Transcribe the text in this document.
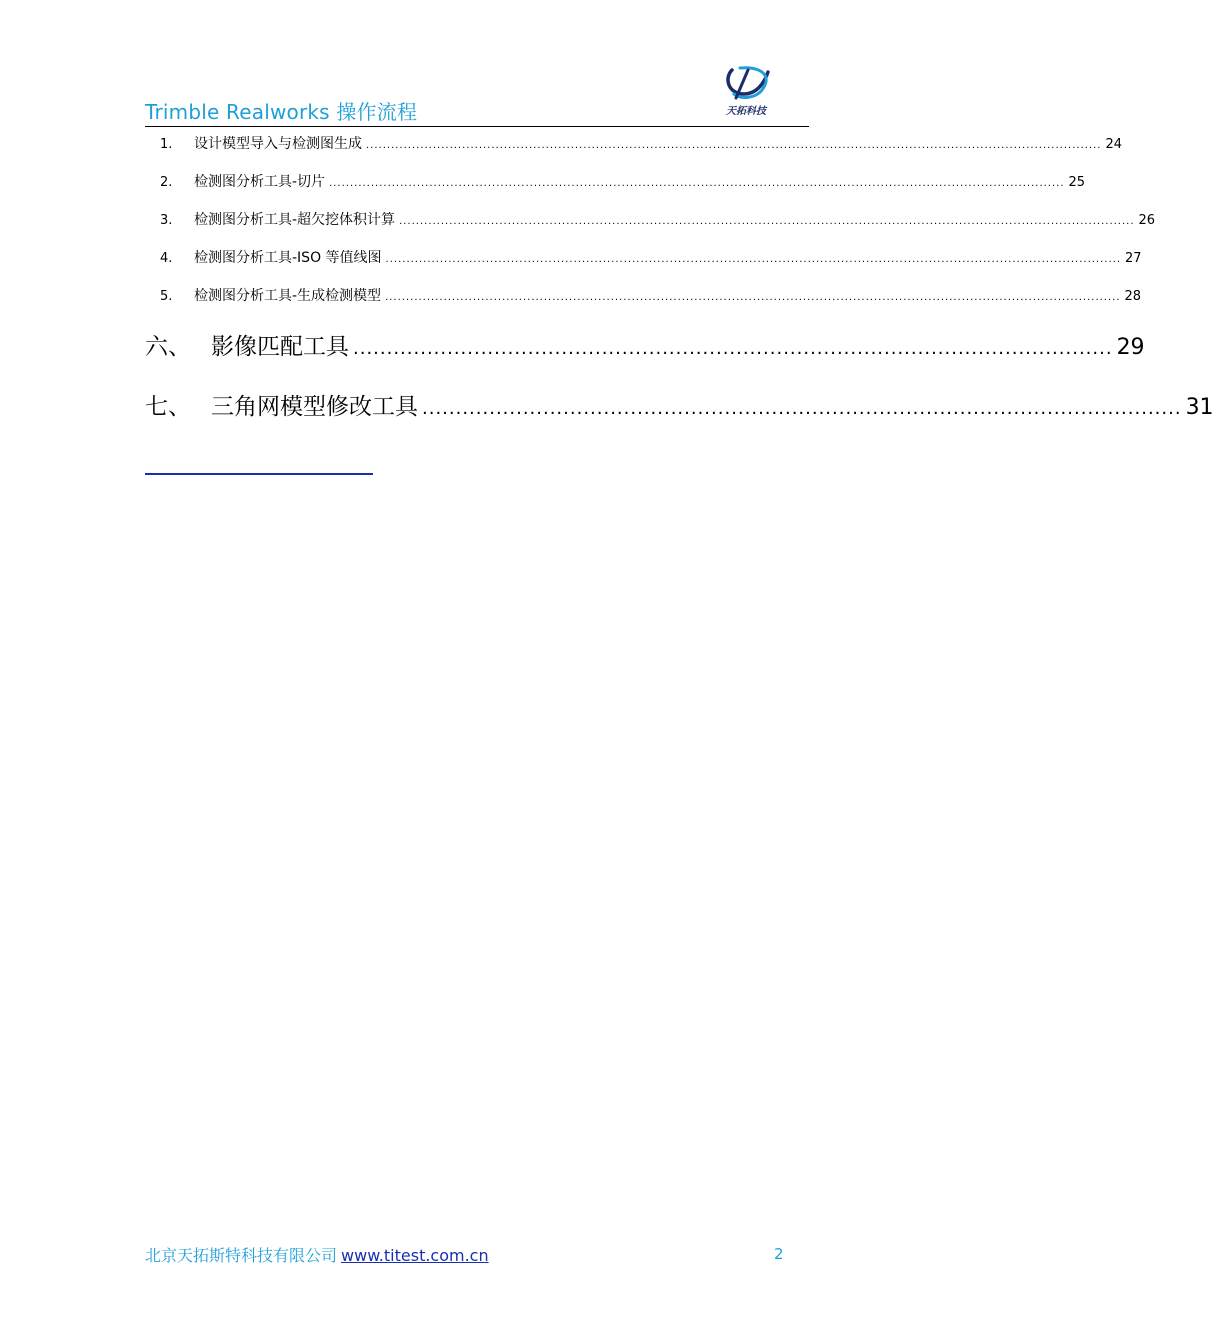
Trimble Realworks 操作流程	天拓科技
1.	设计模型导入与检测图生成 ................................................................................................................................................................................ 24
2.	检测图分析工具-切片 ................................................................................................................................................................................ 25
3.	检测图分析工具-超欠挖体积计算 ................................................................................................................................................................................ 26
4.	检测图分析工具-ISO 等值线图 ................................................................................................................................................................................ 27
5.	检测图分析工具-生成检测模型 ................................................................................................................................................................................ 28
六、 影像匹配工具 ................................................................................................................. 29
七、 三角网模型修改工具 ................................................................................................................. 31
北京天拓斯特科技有限公司 www.titest.com.cn	2
